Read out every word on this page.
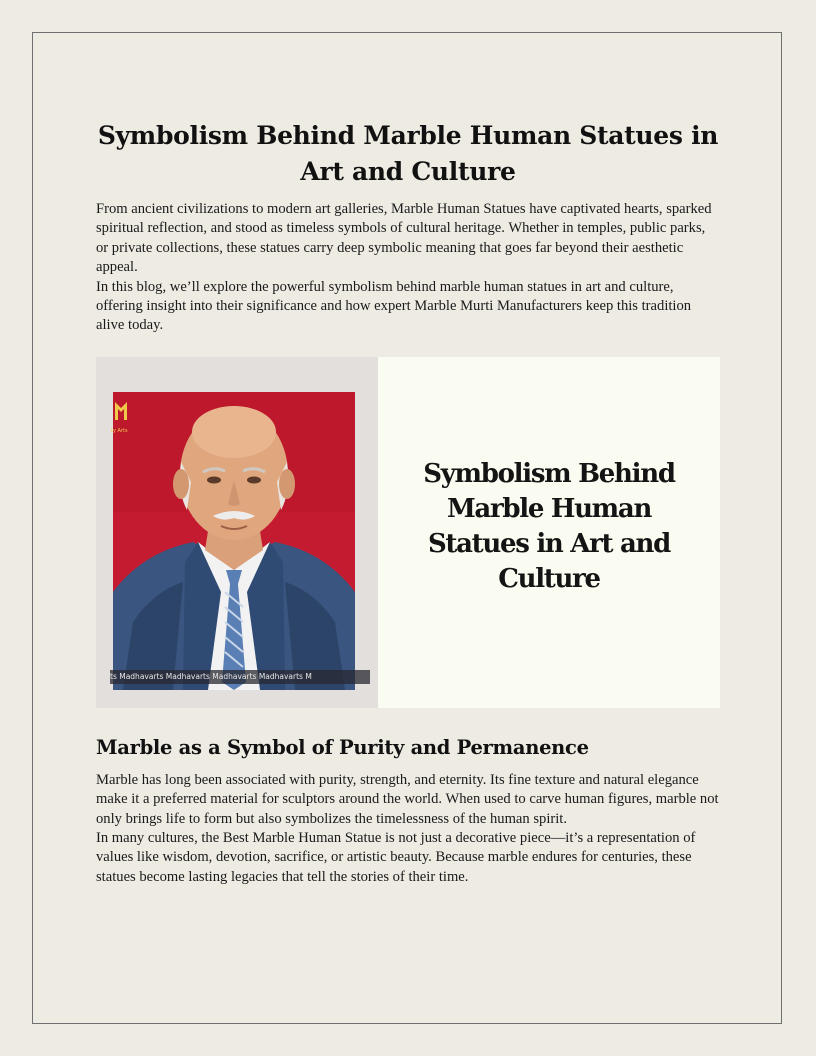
Symbolism Behind Marble Human Statues in Art and Culture

From ancient civilizations to modern art galleries, Marble Human Statues have captivated hearts, sparked spiritual reflection, and stood as timeless symbols of cultural heritage. Whether in temples, public parks, or private collections, these statues carry deep symbolic meaning that goes far beyond their aesthetic appeal.

In this blog, we’ll explore the powerful symbolism behind marble human statues in art and culture, offering insight into their significance and how expert Marble Murti Manufacturers keep this tradition alive today.

ty Arts
ts Madhavarts Madhavarts Madhavarts Madhavarts M
Symbolism Behind Marble Human Statues in Art and Culture
Marble as a Symbol of Purity and Permanence

Marble has long been associated with purity, strength, and eternity. Its fine texture and natural elegance make it a preferred material for sculptors around the world. When used to carve human figures, marble not only brings life to form but also symbolizes the timelessness of the human spirit.

In many cultures, the Best Marble Human Statue is not just a decorative piece—it’s a representation of values like wisdom, devotion, sacrifice, or artistic beauty. Because marble endures for centuries, these statues become lasting legacies that tell the stories of their time.
